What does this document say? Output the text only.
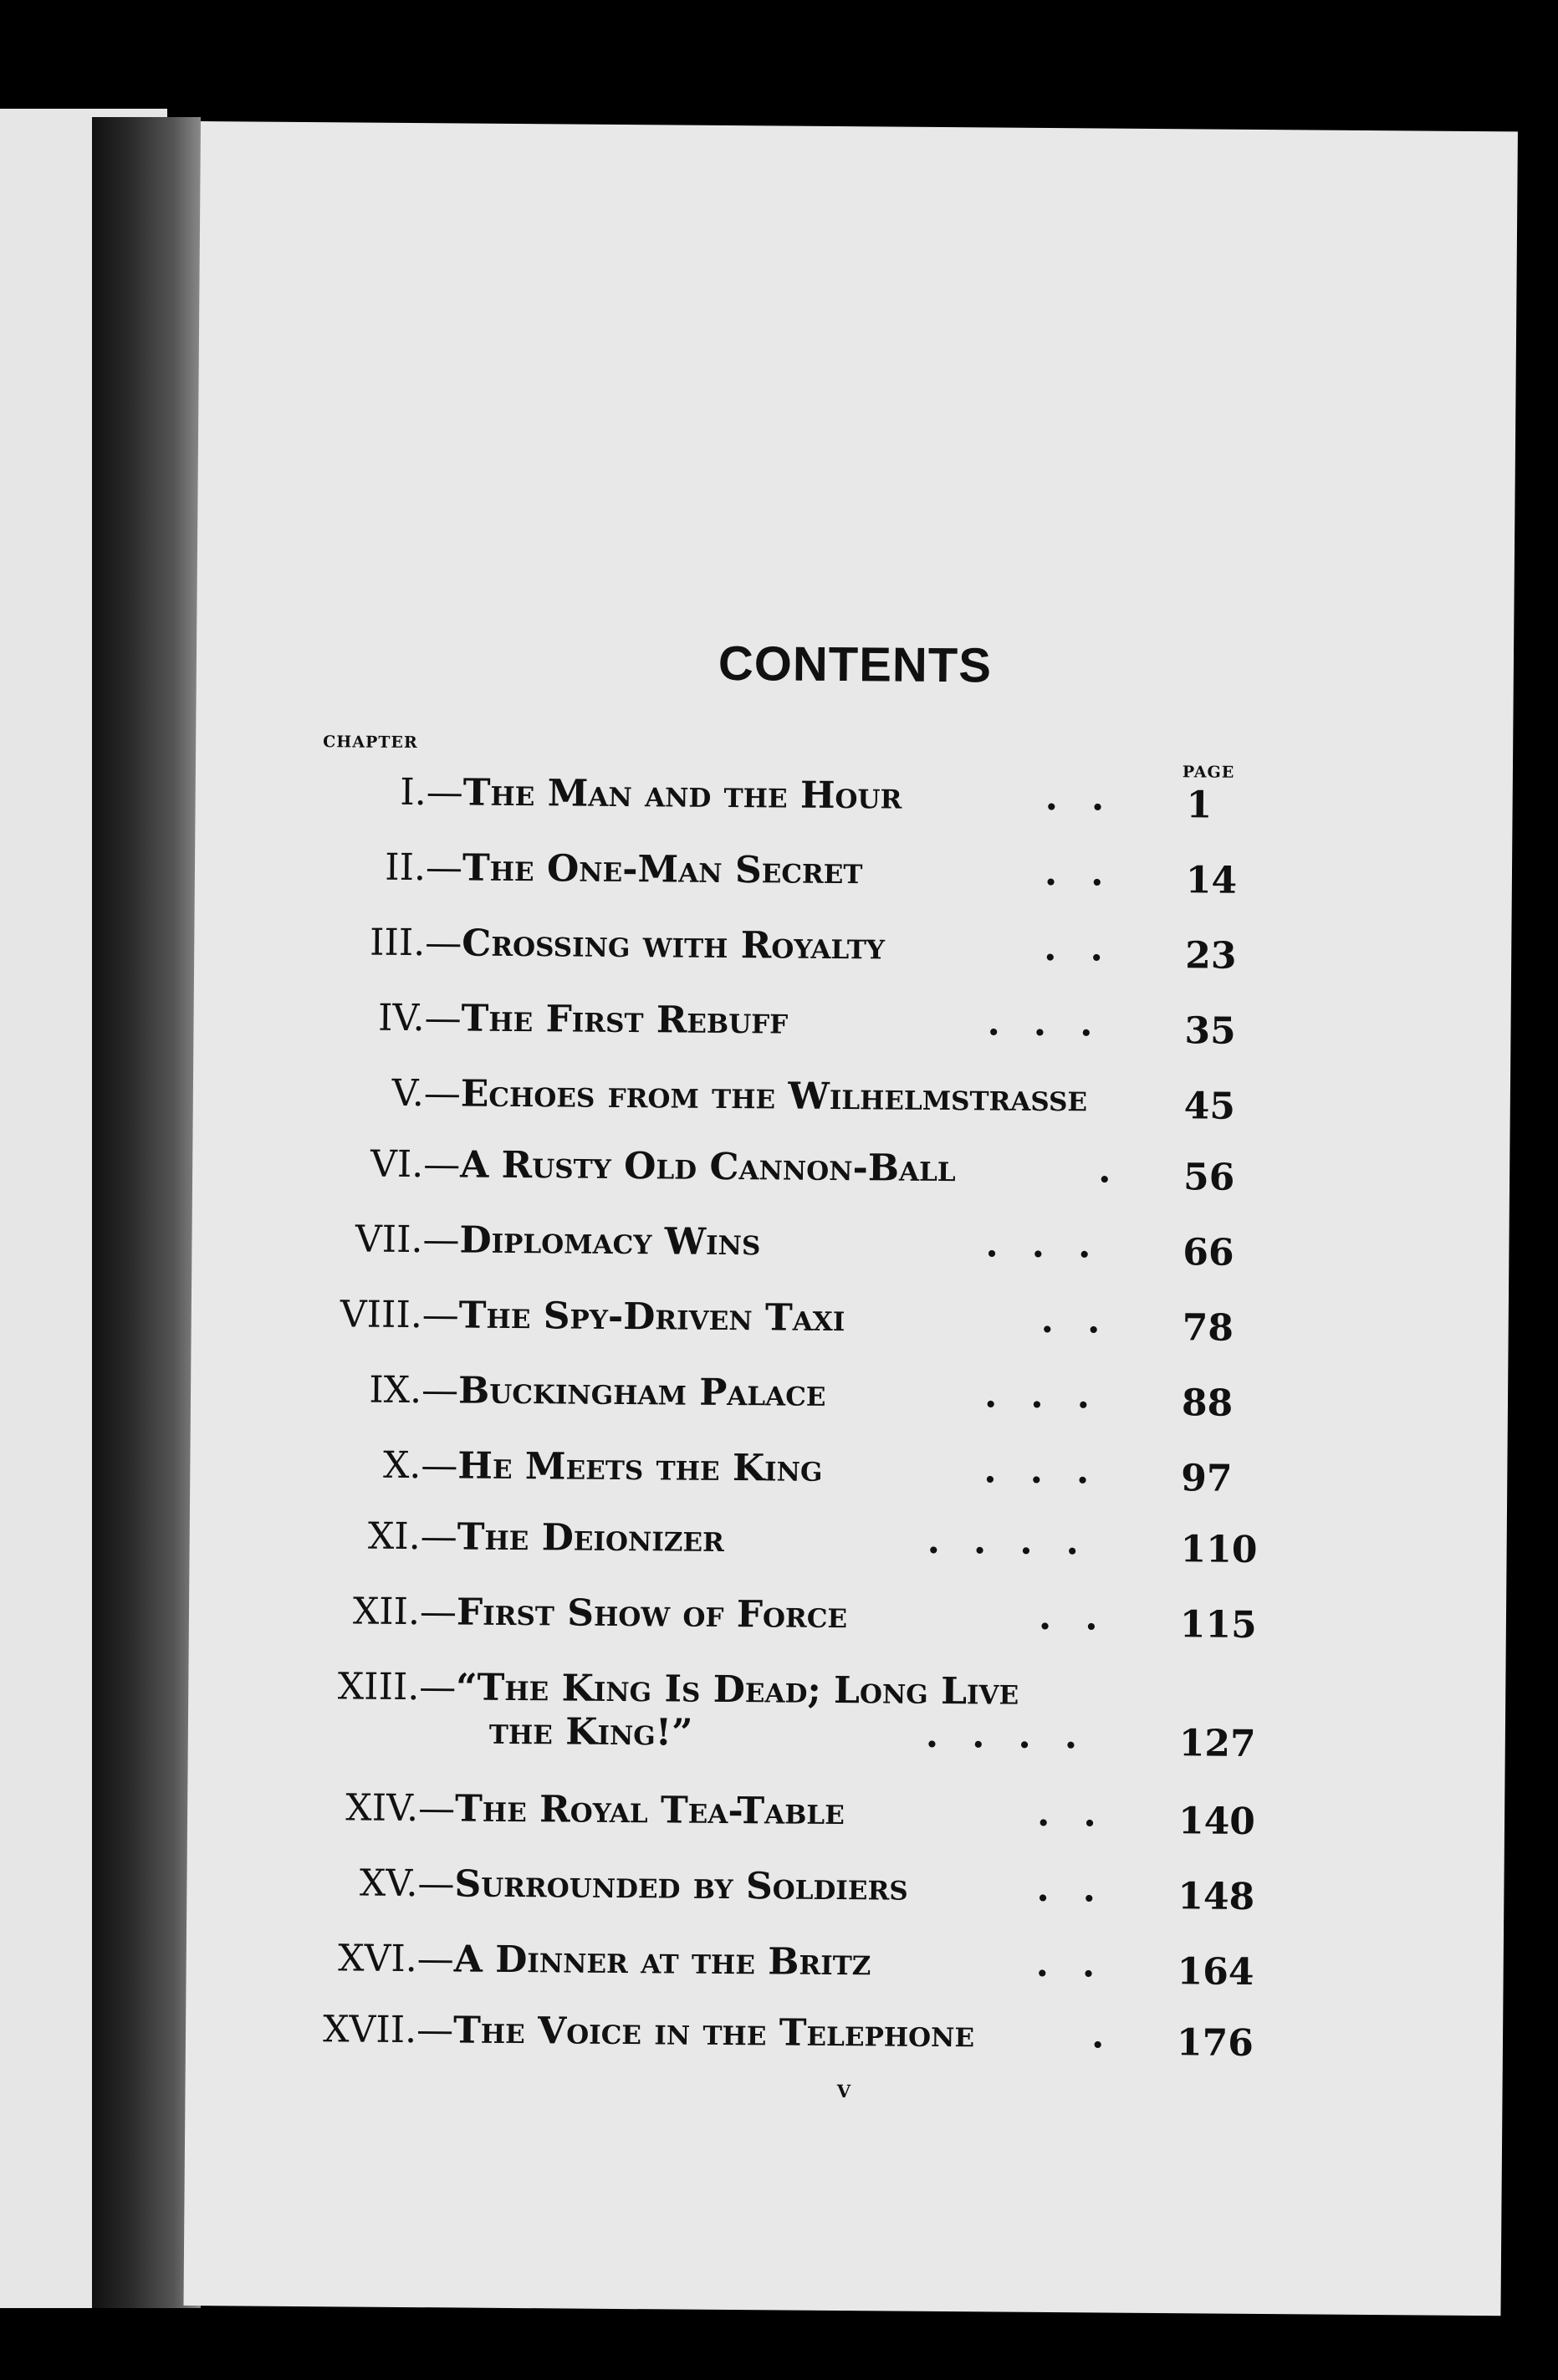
CONTENTS
CHAPTER
PAGE
I.— The Man and the Hour	.. 1
II.— The One-Man Secret	.. 14
III.— Crossing with Royalty	.. 23
IV.— The First Rebuff	... 35
V.— Echoes from the Wilhelmstrasse	45
VI.— A Rusty Old Cannon-Ball	. 56
VII.— Diplomacy Wins	... 66
VIII.— The Spy-Driven Taxi	.. 78
IX.— Buckingham Palace	... 88
X.— He Meets the King	... 97
XI.— The Deionizer	.... 110
XII.— First Show of Force	.. 115
XIII.— “The King Is Dead; Long Live
the King!”	.... 127
XIV.— The Royal Tea-Table	.. 140
XV.— Surrounded by Soldiers	.. 148
XVI.— A Dinner at the Britz	.. 164
XVII.— The Voice in the Telephone	. 176
v
